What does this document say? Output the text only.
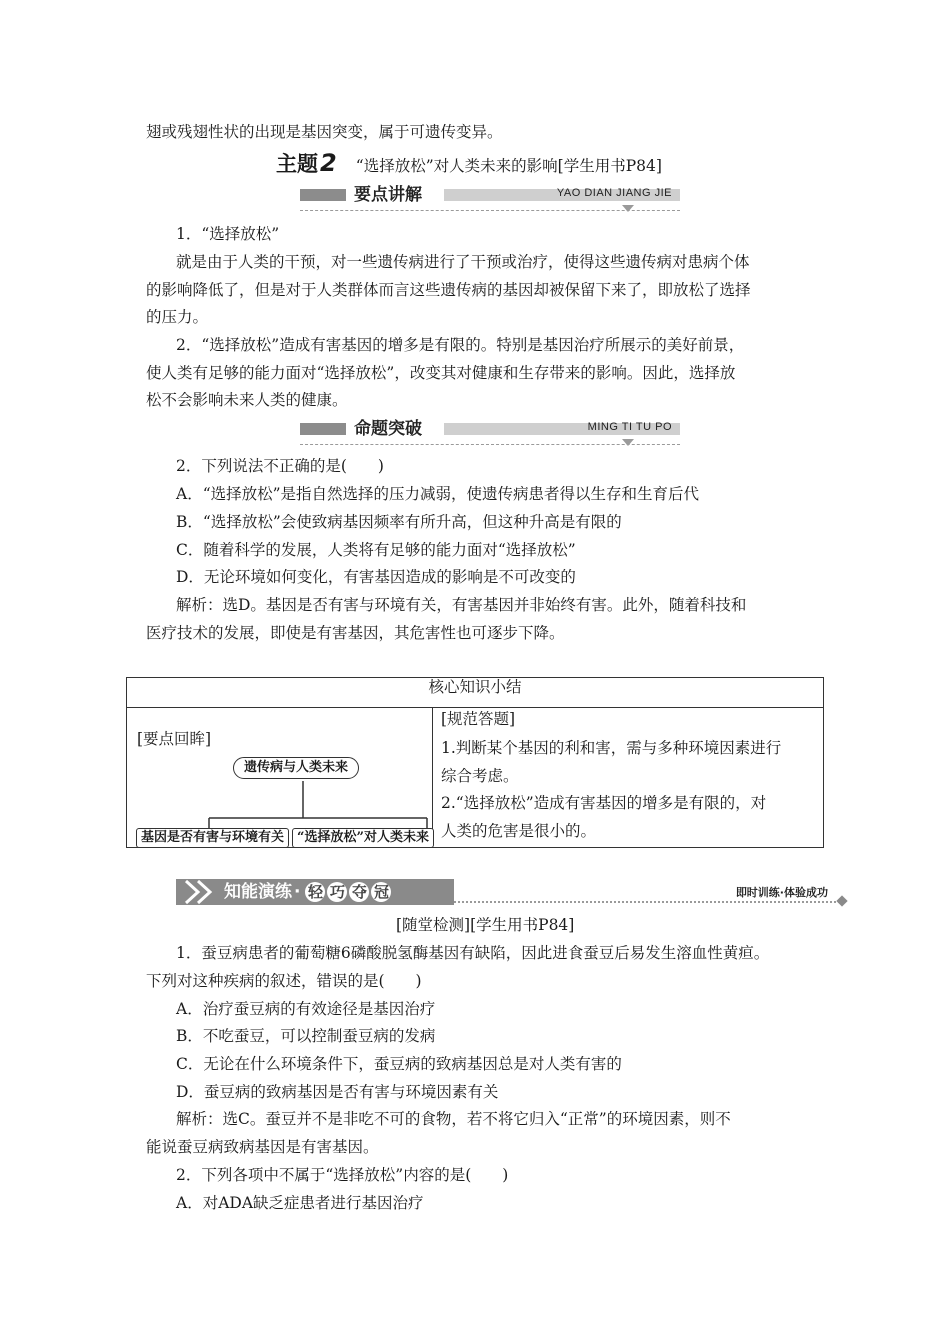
翅或残翅性状的出现是基因突变，属于可遗传变异。
主题2 “选择放松”对人类未来的影响[学生用书P84]
要点讲解	YAO DIAN JIANG JIE
1．“选择放松”
就是由于人类的干预，对一些遗传病进行了干预或治疗，使得这些遗传病对患病个体
的影响降低了，但是对于人类群体而言这些遗传病的基因却被保留下来了，即放松了选择
的压力。
2．“选择放松”造成有害基因的增多是有限的。特别是基因治疗所展示的美好前景，
使人类有足够的能力面对“选择放松”，改变其对健康和生存带来的影响。因此，选择放
松不会影响未来人类的健康。
命题突破	MING TI TU PO
2．下列说法不正确的是(　　)
A．“选择放松”是指自然选择的压力减弱，使遗传病患者得以生存和生育后代
B．“选择放松”会使致病基因频率有所升高，但这种升高是有限的
C．随着科学的发展，人类将有足够的能力面对“选择放松”
D．无论环境如何变化，有害基因造成的影响是不可改变的
解析：选D。基因是否有害与环境有关，有害基因并非始终有害。此外，随着科技和
医疗技术的发展，即使是有害基因，其危害性也可逐步下降。
核心知识小结

[要点回眸]
遗传病与人类未来
基因是否有害与环境有关 “选择放松”对人类未来

[规范答题]
1.判断某个基因的利和害，需与多种环境因素进行
综合考虑。
2.“选择放松”造成有害基因的增多是有限的，对
人类的危害是很小的。
知能演练 · 轻 巧 夺 冠	即时训练·体验成功
[随堂检测][学生用书P84]
1．蚕豆病患者的葡萄糖6磷酸脱氢酶基因有缺陷，因此进食蚕豆后易发生溶血性黄疸。
下列对这种疾病的叙述，错误的是(　　)
A．治疗蚕豆病的有效途径是基因治疗
B．不吃蚕豆，可以控制蚕豆病的发病
C．无论在什么环境条件下，蚕豆病的致病基因总是对人类有害的
D．蚕豆病的致病基因是否有害与环境因素有关
解析：选C。蚕豆并不是非吃不可的食物，若不将它归入“正常”的环境因素，则不
能说蚕豆病致病基因是有害基因。
2．下列各项中不属于“选择放松”内容的是(　　)
A．对ADA缺乏症患者进行基因治疗
